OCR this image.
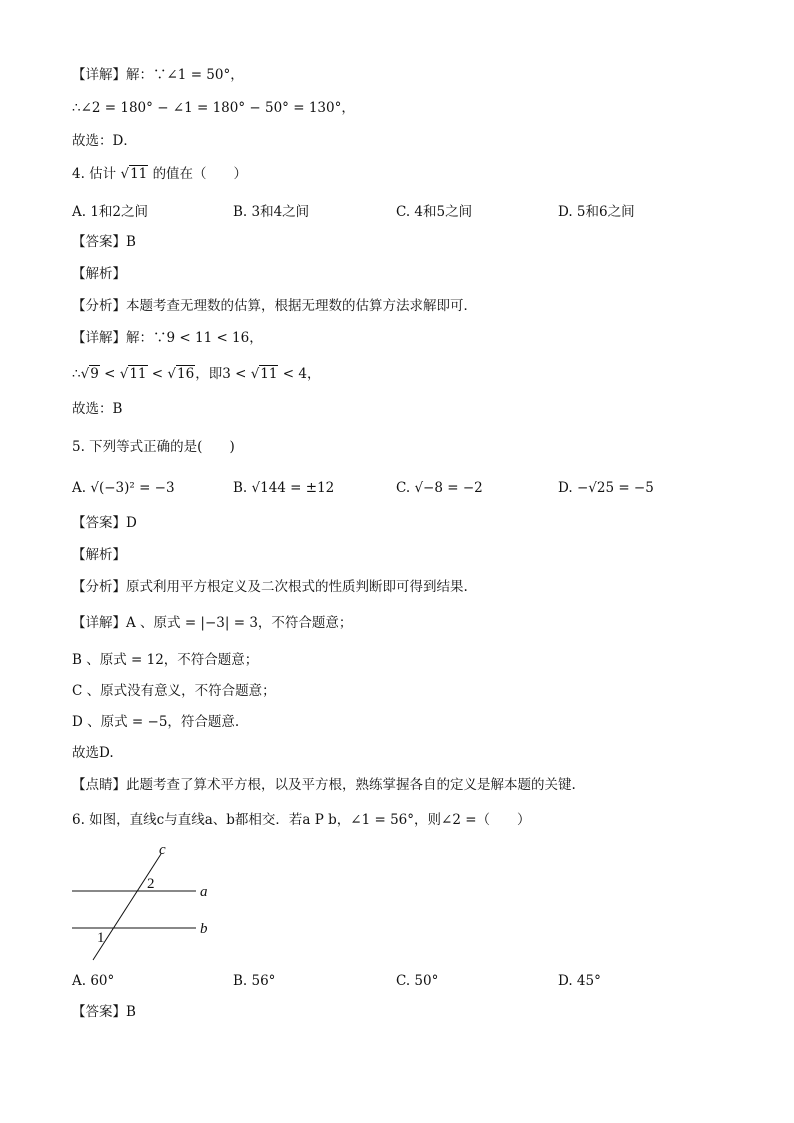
【详解】解：∵∠1 = 50°，
∴∠2 = 180° − ∠1 = 180° − 50° = 130°，
故选：D．
4. 估计 √ 11 的值在（　　）
A. 1和2之间	B. 3和4之间	C. 4和5之间	D. 5和6之间
【答案】B
【解析】
【分析】本题考查无理数的估算，根据无理数的估算方法求解即可．
【详解】解：∵9 < 11 < 16，
∴ √ 9 < √ 11 < √ 16，即3 < √ 11 < 4，
故选：B
5. 下列等式正确的是(　　)
A. √(−3)² = −3	B. √144 = ±12	C. √−8 = −2	D. −√25 = −5
【答案】D
【解析】
【分析】原式利用平方根定义及二次根式的性质判断即可得到结果.
【详解】A 、原式 = |−3| = 3，不符合题意；
B 、原式 = 12，不符合题意；
C 、原式没有意义，不符合题意；
D 、原式 = −5，符合题意.
故选D.
【点睛】此题考查了算术平方根，以及平方根，熟练掌握各自的定义是解本题的关键.
6. 如图，直线c与直线a、b都相交．若a P b，∠1 = 56°，则∠2 =（　　）
c
a
b
2
1
A. 60°	B. 56°	C. 50°	D. 45°
【答案】B
